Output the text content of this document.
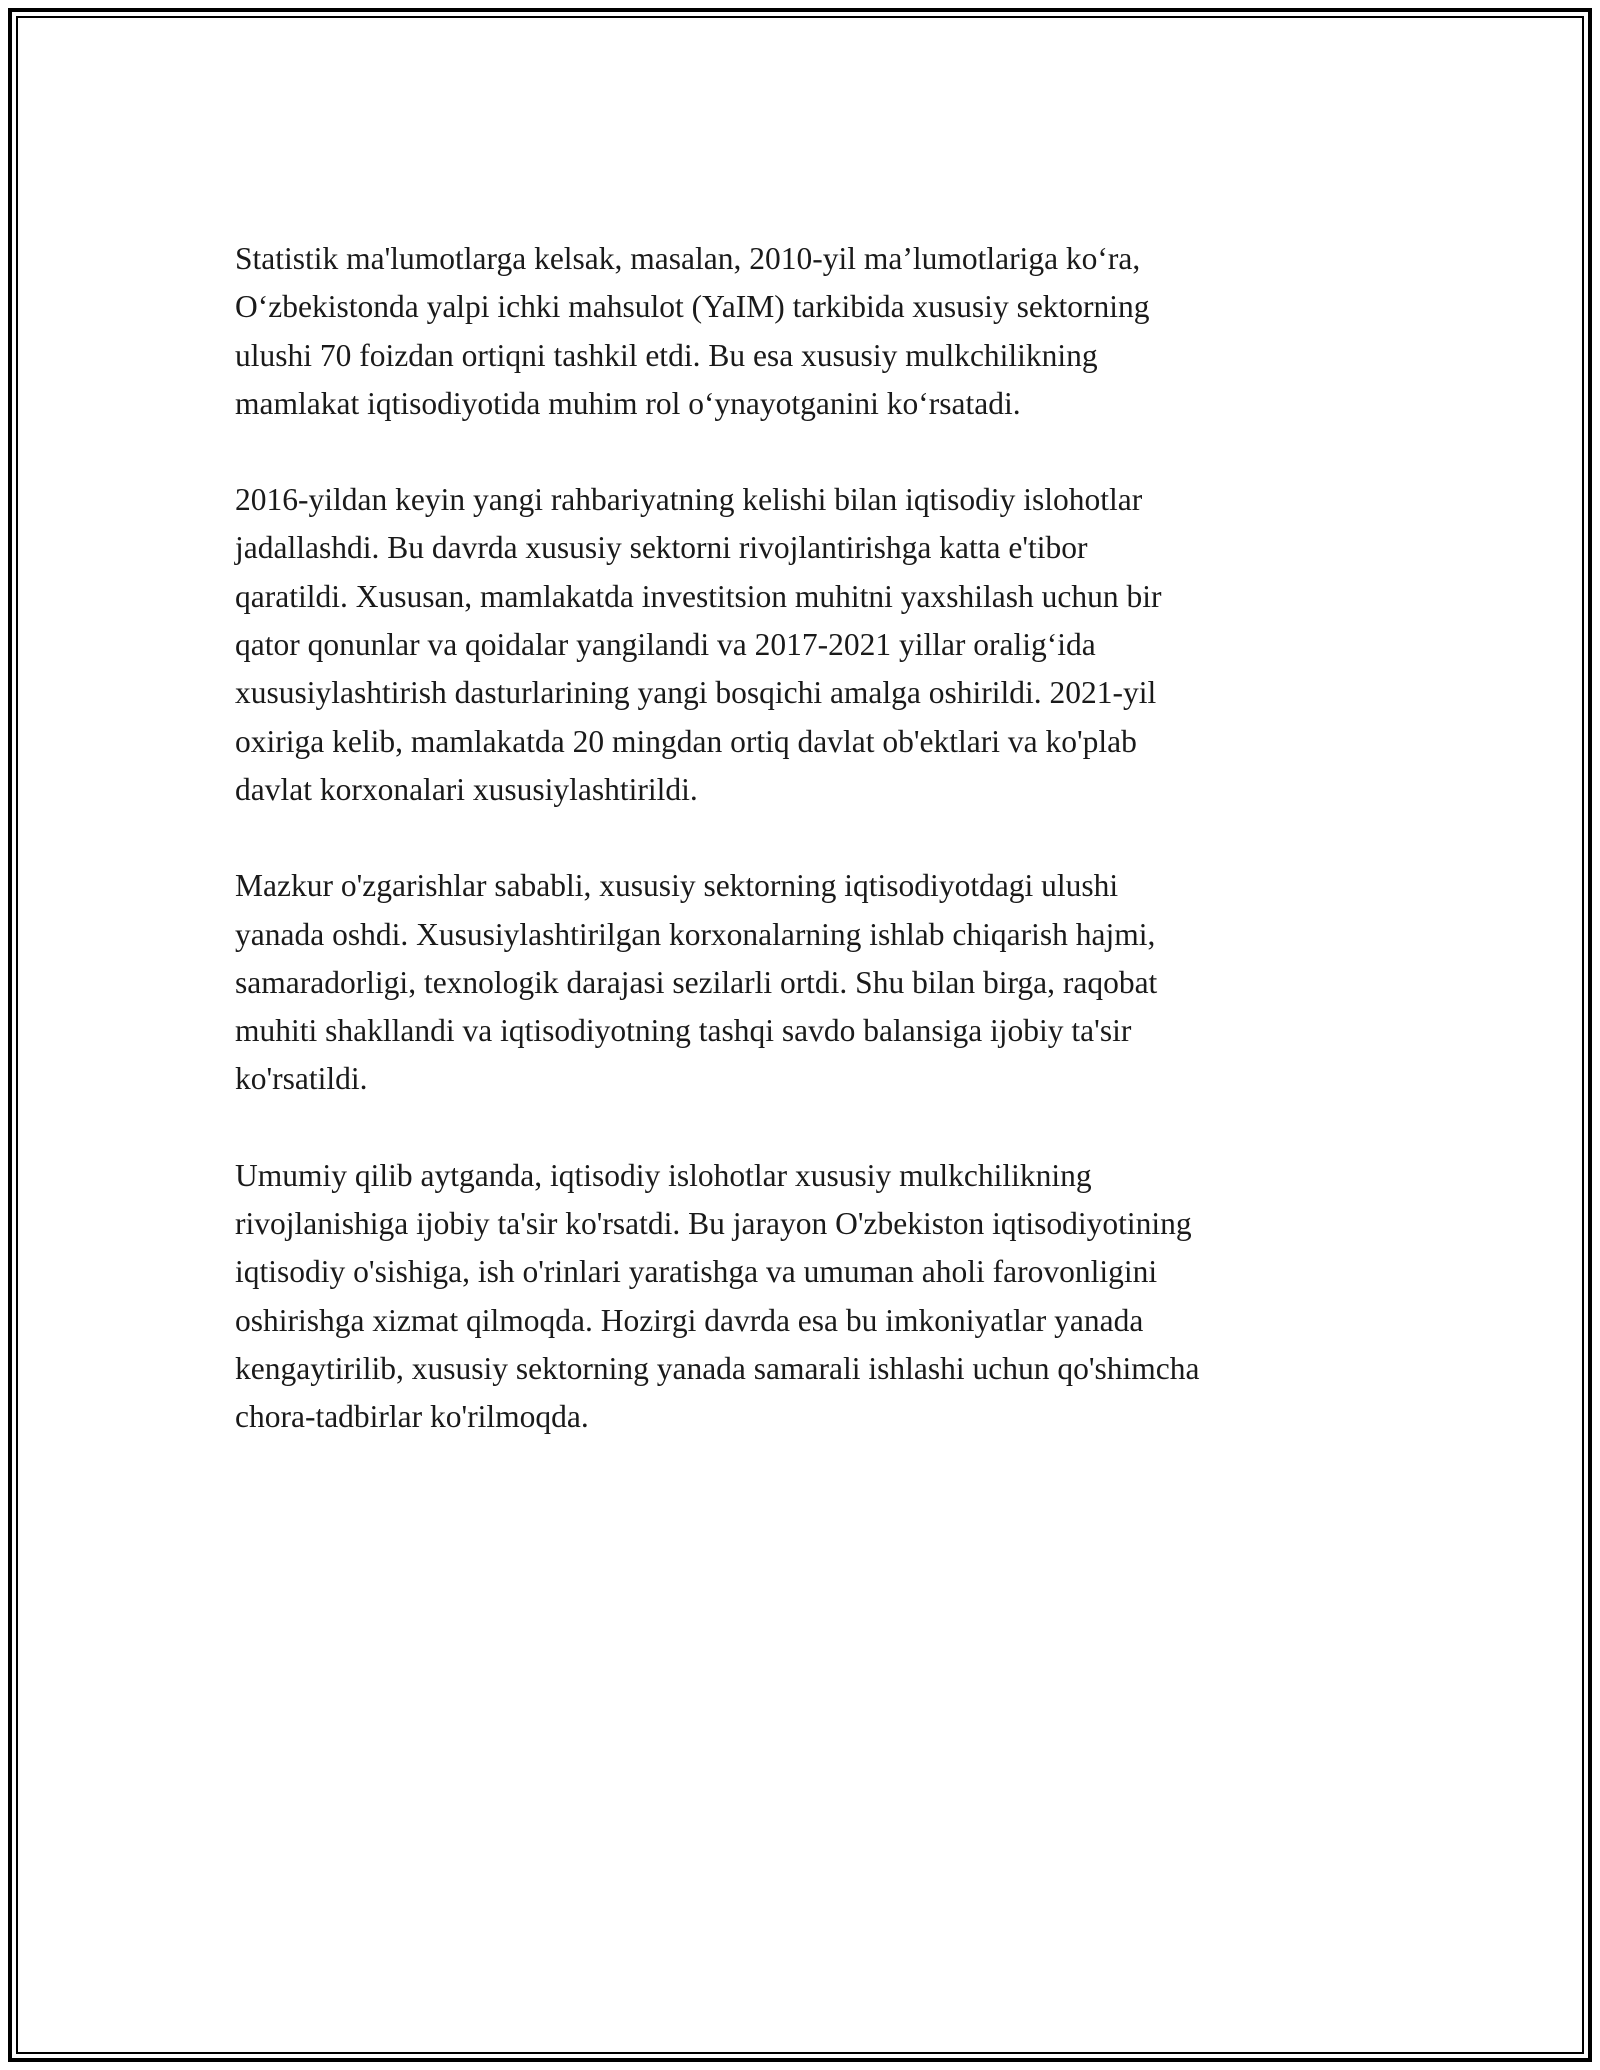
Statistik ma'lumotlarga kelsak, masalan, 2010-yil ma’lumotlariga ko‘ra,
O‘zbekistonda yalpi ichki mahsulot (YaIM) tarkibida xususiy sektorning
ulushi 70 foizdan ortiqni tashkil etdi. Bu esa xususiy mulkchilikning
mamlakat iqtisodiyotida muhim rol o‘ynayotganini ko‘rsatadi.

2016-yildan keyin yangi rahbariyatning kelishi bilan iqtisodiy islohotlar
jadallashdi. Bu davrda xususiy sektorni rivojlantirishga katta e'tibor
qaratildi. Xususan, mamlakatda investitsion muhitni yaxshilash uchun bir
qator qonunlar va qoidalar yangilandi va 2017-2021 yillar oralig‘ida
xususiylashtirish dasturlarining yangi bosqichi amalga oshirildi. 2021-yil
oxiriga kelib, mamlakatda 20 mingdan ortiq davlat ob'ektlari va ko'plab
davlat korxonalari xususiylashtirildi.

Mazkur o'zgarishlar sababli, xususiy sektorning iqtisodiyotdagi ulushi
yanada oshdi. Xususiylashtirilgan korxonalarning ishlab chiqarish hajmi,
samaradorligi, texnologik darajasi sezilarli ortdi. Shu bilan birga, raqobat
muhiti shakllandi va iqtisodiyotning tashqi savdo balansiga ijobiy ta'sir
ko'rsatildi.

Umumiy qilib aytganda, iqtisodiy islohotlar xususiy mulkchilikning
rivojlanishiga ijobiy ta'sir ko'rsatdi. Bu jarayon O'zbekiston iqtisodiyotining
iqtisodiy o'sishiga, ish o'rinlari yaratishga va umuman aholi farovonligini
oshirishga xizmat qilmoqda. Hozirgi davrda esa bu imkoniyatlar yanada
kengaytirilib, xususiy sektorning yanada samarali ishlashi uchun qo'shimcha
chora-tadbirlar ko'rilmoqda.
